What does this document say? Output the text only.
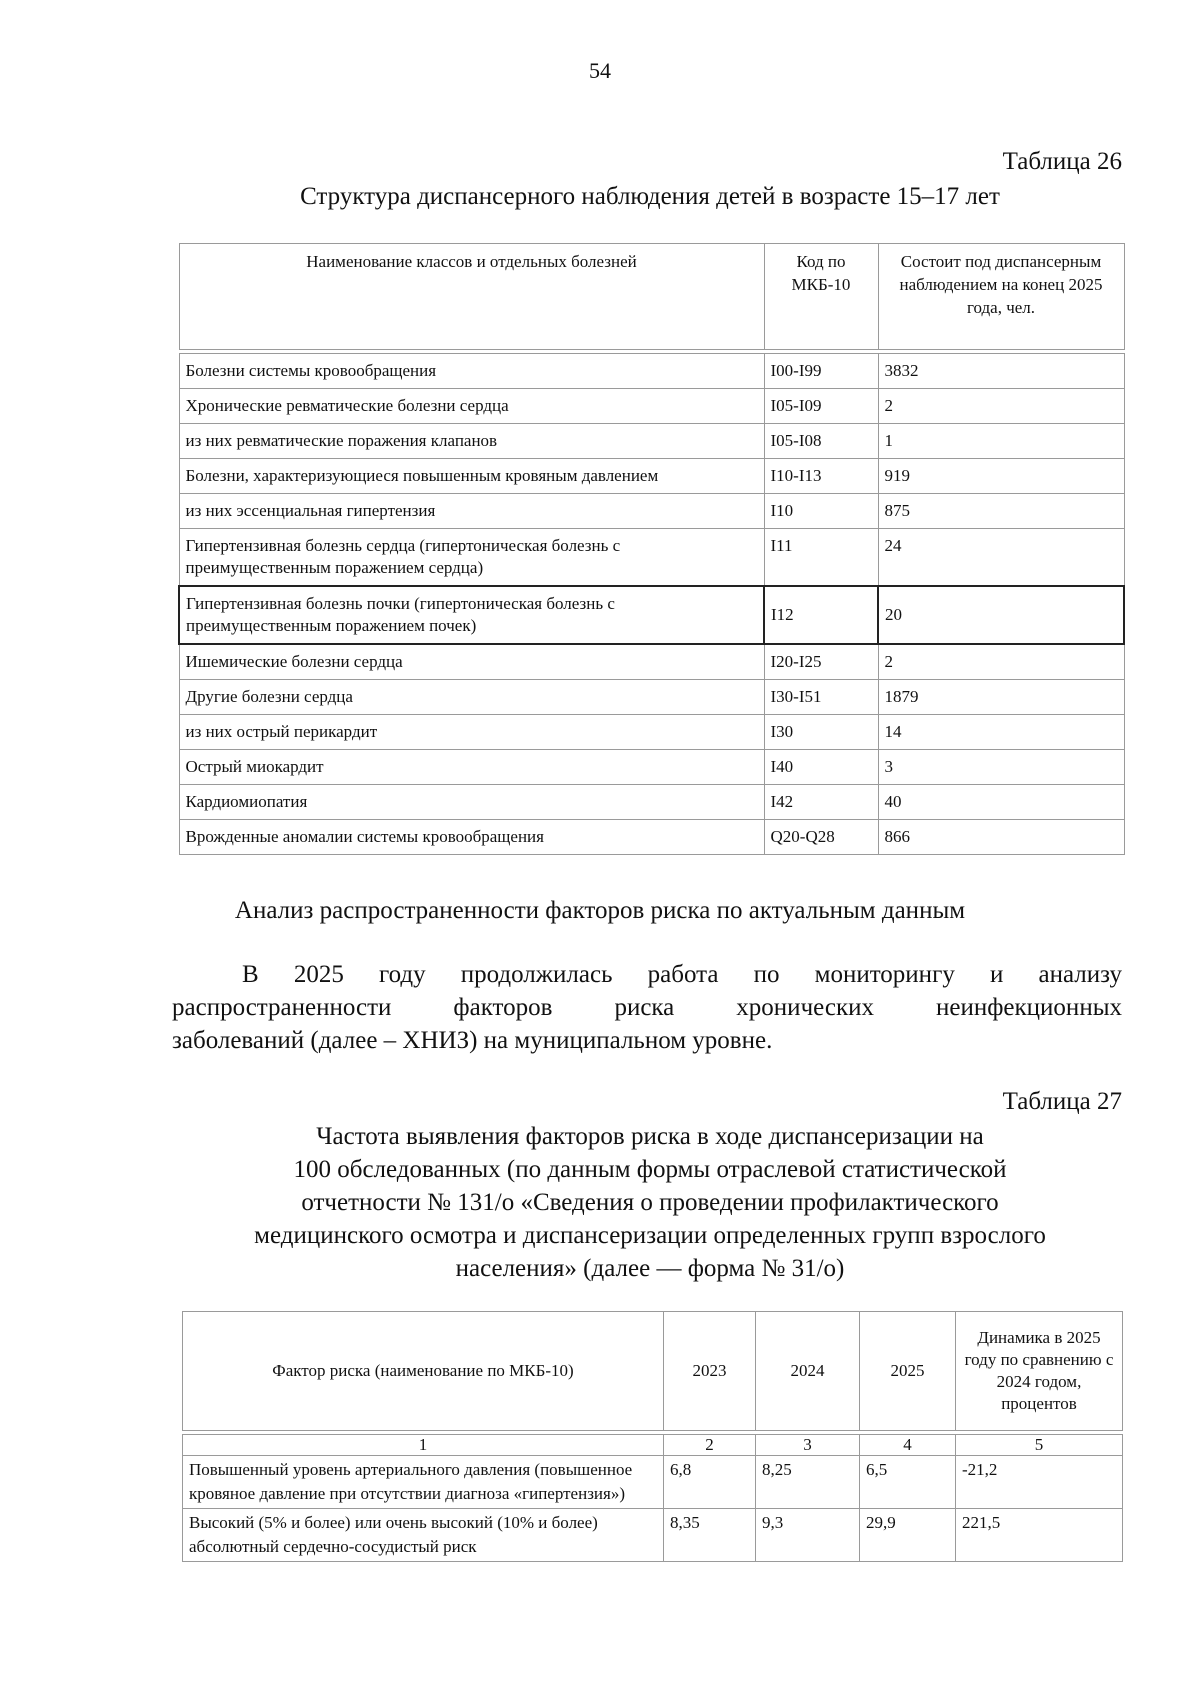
54
Таблица 26
Структура диспансерного наблюдения детей в возрасте 15–17 лет
Наименование классов и отдельных болезней	Код по МКБ-10	Состоит под диспансерным наблюдением на конец 2025 года, чел.

Болезни системы кровообращения	I00-I99	3832
Хронические ревматические болезни сердца	I05-I09	2
из них ревматические поражения клапанов	I05-I08	1
Болезни, характеризующиеся повышенным кровяным давлением	I10-I13	919
из них эссенциальная гипертензия	I10	875
Гипертензивная болезнь сердца (гипертоническая болезнь с преимущественным поражением сердца)	I11	24
Гипертензивная болезнь почки (гипертоническая болезнь с преимущественным поражением почек)	I12	20
Ишемические болезни сердца	I20-I25	2
Другие болезни сердца	I30-I51	1879
из них острый перикардит	I30	14
Острый миокардит	I40	3
Кардиомиопатия	I42	40
Врожденные аномалии системы кровообращения	Q20-Q28	866
Анализ распространенности факторов риска по актуальным данным
В 2025 году продолжилась работа по мониторингу и анализу
распространенности факторов риска хронических неинфекционных
заболеваний (далее – ХНИЗ) на муниципальном уровне.
Таблица 27
Частота выявления факторов риска в ходе диспансеризации на
100 обследованных (по данным формы отраслевой статистической
отчетности № 131/о «Сведения о проведении профилактического
медицинского осмотра и диспансеризации определенных групп взрослого
населения» (далее — форма № 31/о)
Фактор риска (наименование по МКБ-10)	2023	2024	2025	Динамика в 2025 году по сравнению с 2024 годом, процентов

1	2	3	4	5
Повышенный уровень артериального давления (повышенное кровяное давление при отсутствии диагноза «гипертензия»)	6,8	8,25	6,5	-21,2
Высокий (5% и более) или очень высокий (10% и более) абсолютный сердечно-сосудистый риск	8,35	9,3	29,9	221,5
